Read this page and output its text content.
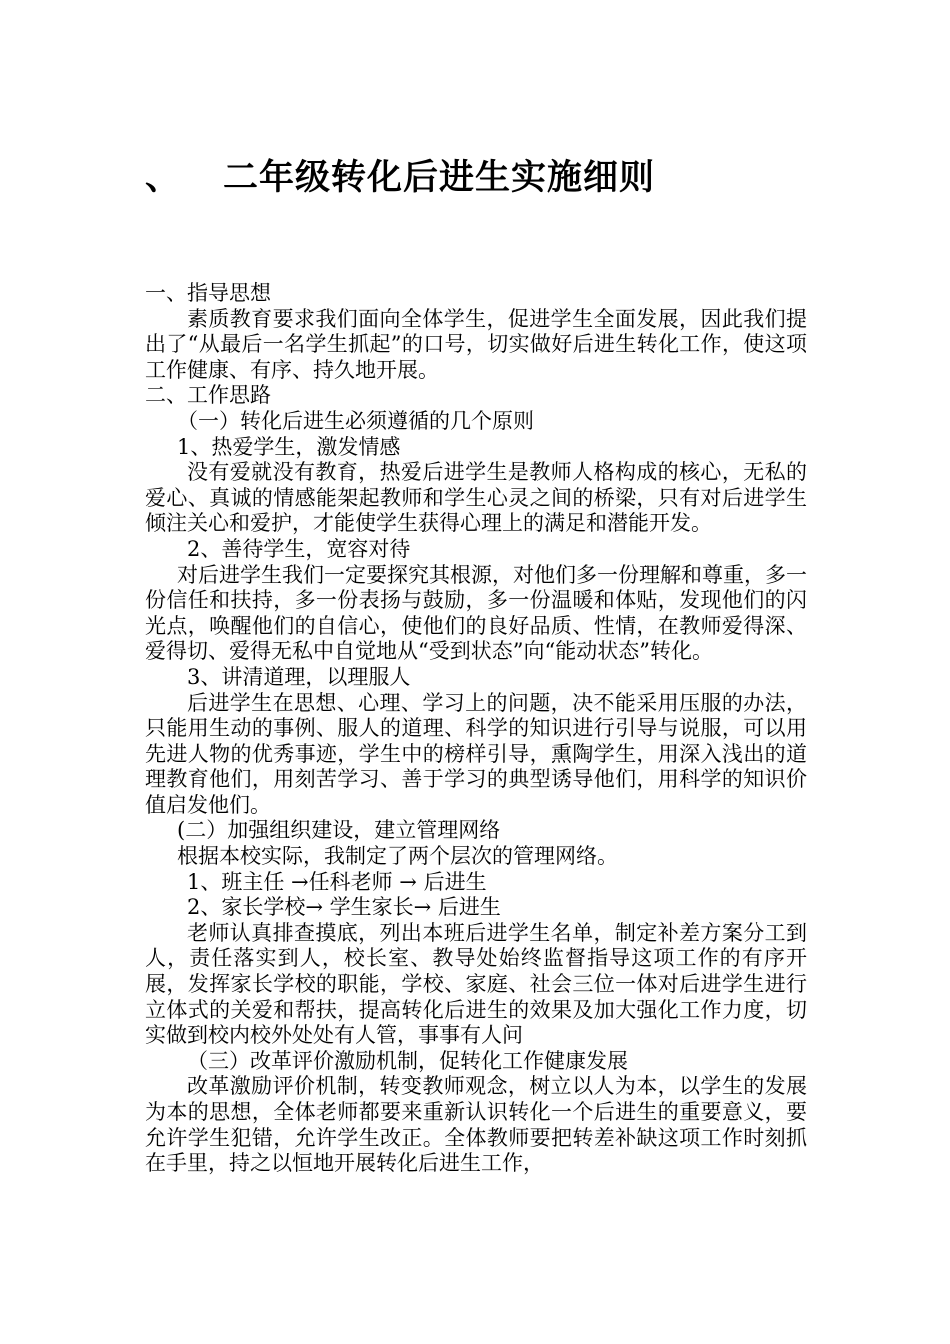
、 二年级转化后进生实施细则

一、指导思想

素质教育要求我们面向全体学生，促进学生全面发展，因此我们提出了“从最后一名学生抓起”的口号，切实做好后进生转化工作，使这项工作健康、有序、持久地开展。

二、工作思路

（一）转化后进生必须遵循的几个原则

1、热爱学生，激发情感

没有爱就没有教育，热爱后进学生是教师人格构成的核心，无私的爱心、真诚的情感能架起教师和学生心灵之间的桥梁，只有对后进学生倾注关心和爱护，才能使学生获得心理上的满足和潜能开发。

2、善待学生，宽容对待

对后进学生我们一定要探究其根源，对他们多一份理解和尊重，多一份信任和扶持，多一份表扬与鼓励，多一份温暖和体贴，发现他们的闪光点，唤醒他们的自信心，使他们的良好品质、性情，在教师爱得深、爱得切、爱得无私中自觉地从“受到状态”向“能动状态”转化。

3、讲清道理，以理服人

后进学生在思想、心理、学习上的问题，决不能采用压服的办法，只能用生动的事例、服人的道理、科学的知识进行引导与说服，可以用先进人物的优秀事迹，学生中的榜样引导，熏陶学生，用深入浅出的道理教育他们，用刻苦学习、善于学习的典型诱导他们，用科学的知识价值启发他们。

(二）加强组织建设，建立管理网络

根据本校实际，我制定了两个层次的管理网络。

1、班主任 →任科老师 → 后进生

2、家长学校→ 学生家长→ 后进生

老师认真排查摸底，列出本班后进学生名单，制定补差方案分工到人，责任落实到人，校长室、教导处始终监督指导这项工作的有序开展，发挥家长学校的职能，学校、家庭、社会三位一体对后进学生进行立体式的关爱和帮扶，提高转化后进生的效果及加大强化工作力度，切实做到校内校外处处有人管，事事有人问

（三）改革评价激励机制，促转化工作健康发展

改革激励评价机制，转变教师观念，树立以人为本，以学生的发展为本的思想，全体老师都要来重新认识转化一个后进生的重要意义，要允许学生犯错，允许学生改正。全体教师要把转差补缺这项工作时刻抓在手里，持之以恒地开展转化后进生工作，
